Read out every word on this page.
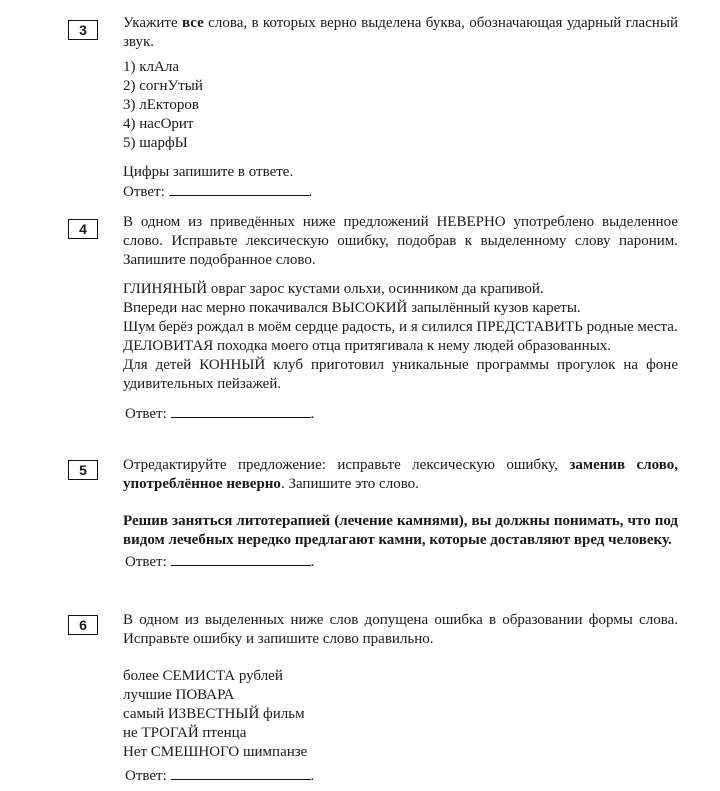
3	Укажите все слова, в которых верно выделена буква, обозначающая ударный гласный звук.
1) клАла
2) согнУтый
3) лЕкторов
4) насОрит
5) шарфЫ
Цифры запишите в ответе.
Ответ:	.
4	В одном из приведённых ниже предложений НЕВЕРНО употреблено выделенное слово. Исправьте лексическую ошибку, подобрав к выделенному слову пароним. Запишите подобранное слово.
ГЛИНЯНЫЙ овраг зарос кустами ольхи, осинником да крапивой.
Впереди нас мерно покачивался ВЫСОКИЙ запылённый кузов кареты.
Шум берёз рождал в моём сердце радость, и я силился ПРЕДСТАВИТЬ родные места.
ДЕЛОВИТАЯ походка моего отца притягивала к нему людей образованных.
Для детей КОННЫЙ клуб приготовил уникальные программы прогулок на фоне удивительных пейзажей.
Ответ:	.
5	Отредактируйте предложение: исправьте лексическую ошибку, заменив слово, употреблённое неверно. Запишите это слово.
Решив заняться литотерапией (лечение камнями), вы должны понимать, что под видом лечебных нередко предлагают камни, которые доставляют вред человеку.
Ответ:	.
6	В одном из выделенных ниже слов допущена ошибка в образовании формы слова. Исправьте ошибку и запишите слово правильно.
более СЕМИСТА рублей
лучшие ПОВАРА
самый ИЗВЕСТНЫЙ фильм
не ТРОГАЙ птенца
Нет СМЕШНОГО шимпанзе
Ответ:	.
